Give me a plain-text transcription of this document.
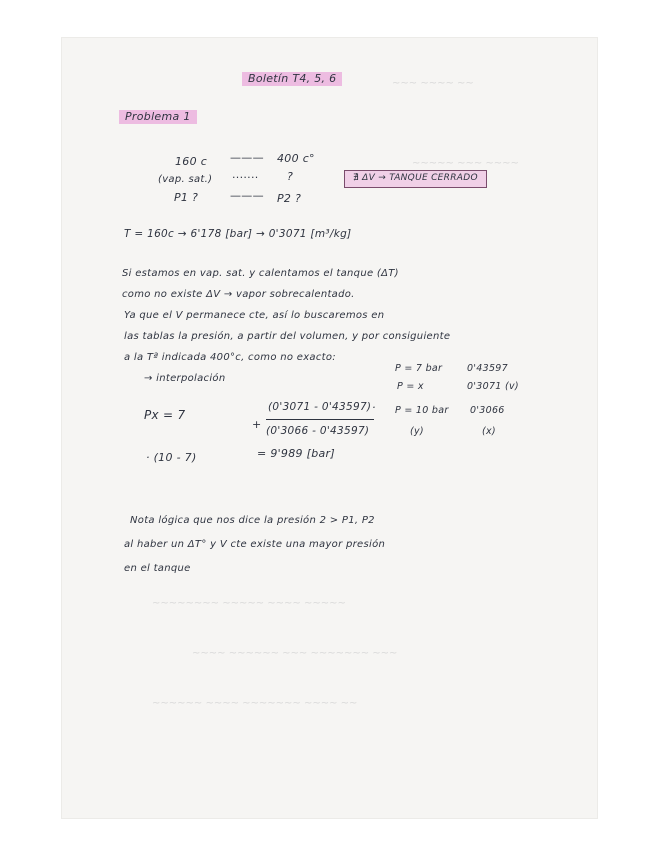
~~~ ~~~~ ~~
~~~~~ ~~~ ~~~~
~~~~~~~~ ~~~~~ ~~~~ ~~~~~
~~~~ ~~~~~~ ~~~ ~~~~~~~ ~~~
~~~~~~ ~~~~ ~~~~~~~ ~~~~ ~~
Boletín T4, 5, 6
Problema 1
160 c ——— 400 c°
(vap. sat.) ·······	?
P1 ?	——— P2 ?
∄ ΔV → TANQUE CERRADO
T = 160c → 6'178 [bar] → 0'3071 [m³/kg]
Si estamos en vap. sat. y calentamos el tanque (ΔT)
como no existe ΔV → vapor sobrecalentado.
Ya que el V permanece cte, así lo buscaremos en
las tablas la presión, a partir del volumen, y por consiguiente
a la Tª indicada 400°c, como no exacto:
→ interpolación
P = 7 bar	0'43597
P = x	0'3071 (v)
P = 10 bar 0'3066
(y)	(x)
Px = 7
+
(0'3071 - 0'43597) ·
(0'3066 - 0'43597)
· (10 - 7)	= 9'989 [bar]
Nota lógica que nos dice la presión 2 > P1, P2
al haber un ΔT° y V cte existe una mayor presión
en el tanque
